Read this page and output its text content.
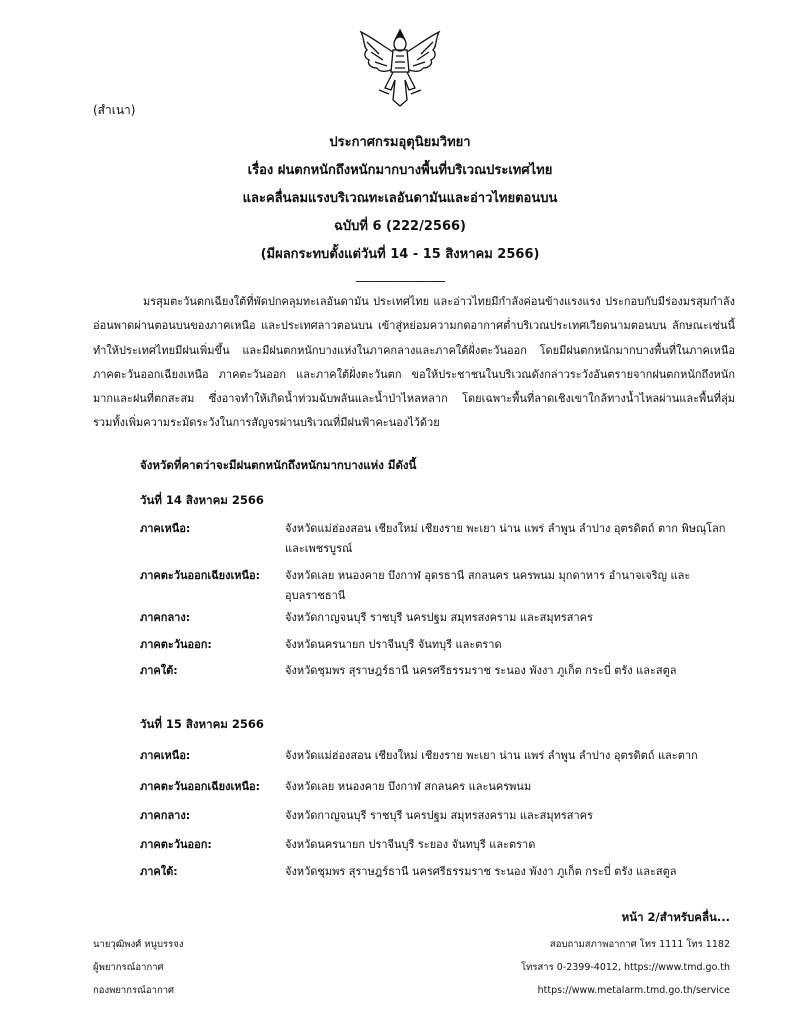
(สำเนา)
ประกาศกรมอุตุนิยมวิทยา
เรื่อง ฝนตกหนักถึงหนักมากบางพื้นที่บริเวณประเทศไทย
และคลื่นลมแรงบริเวณทะเลอันดามันและอ่าวไทยตอนบน
ฉบับที่ 6 (222/2566)
(มีผลกระทบตั้งแต่วันที่ 14 - 15 สิงหาคม 2566)
________________
มรสุมตะวันตกเฉียงใต้ที่พัดปกคลุมทะเลอันดามัน ประเทศไทย และอ่าวไทยมีกำลังค่อนข้างแรงแรง ประกอบกับมีร่องมรสุมกำลังอ่อนพาดผ่านตอนบนของภาคเหนือ และประเทศลาวตอนบน เข้าสู่หย่อมความกดอากาศต่ำบริเวณประเทศเวียดนามตอนบน ลักษณะเช่นนี้ทำให้ประเทศไทยมีฝนเพิ่มขึ้น และมีฝนตกหนักบางแห่งในภาคกลางและภาคใต้ฝั่งตะวันออก โดยมีฝนตกหนักมากบางพื้นที่ในภาคเหนือ ภาคตะวันออกเฉียงเหนือ ภาคตะวันออก และภาคใต้ฝั่งตะวันตก ขอให้ประชาชนในบริเวณดังกล่าวระวังอันตรายจากฝนตกหนักถึงหนักมากและฝนที่ตกสะสม ซึ่งอาจทำให้เกิดน้ำท่วมฉับพลันและน้ำป่าไหลหลาก โดยเฉพาะพื้นที่ลาดเชิงเขาใกล้ทางน้ำไหลผ่านและพื้นที่ลุ่ม รวมทั้งเพิ่มความระมัดระวังในการสัญจรผ่านบริเวณที่มีฝนฟ้าคะนองไว้ด้วย
จังหวัดที่คาดว่าจะมีฝนตกหนักถึงหนักมากบางแห่ง มีดังนี้
วันที่ 14 สิงหาคม 2566
ภาคเหนือ:	จังหวัดแม่ฮ่องสอน เชียงใหม่ เชียงราย พะเยา น่าน แพร่ ลำพูน ลำปาง อุตรดิตถ์ ตาก พิษณุโลก และเพชรบูรณ์
ภาคตะวันออกเฉียงเหนือ:	จังหวัดเลย หนองคาย บึงกาฬ อุดรธานี สกลนคร นครพนม มุกดาหาร อำนาจเจริญ และอุบลราชธานี
ภาคกลาง:	จังหวัดกาญจนบุรี ราชบุรี นครปฐม สมุทรสงคราม และสมุทรสาคร
ภาคตะวันออก:	จังหวัดนครนายก ปราจีนบุรี จันทบุรี และตราด
ภาคใต้:	จังหวัดชุมพร สุราษฎร์ธานี นครศรีธรรมราช ระนอง พังงา ภูเก็ต กระบี่ ตรัง และสตูล
วันที่ 15 สิงหาคม 2566
ภาคเหนือ:	จังหวัดแม่ฮ่องสอน เชียงใหม่ เชียงราย พะเยา น่าน แพร่ ลำพูน ลำปาง อุตรดิตถ์ และตาก
ภาคตะวันออกเฉียงเหนือ:	จังหวัดเลย หนองคาย บึงกาฬ สกลนคร และนครพนม
ภาคกลาง:	จังหวัดกาญจนบุรี ราชบุรี นครปฐม สมุทรสงคราม และสมุทรสาคร
ภาคตะวันออก:	จังหวัดนครนายก ปราจีนบุรี ระยอง จันทบุรี และตราด
ภาคใต้:	จังหวัดชุมพร สุราษฎร์ธานี นครศรีธรรมราช ระนอง พังงา ภูเก็ต กระบี่ ตรัง และสตูล
หน้า 2/สำหรับคลื่น...
นายวุฒิพงศ์ หนูบรรจง
ผู้พยากรณ์อากาศ
กองพยากรณ์อากาศ
สอบถามสภาพอากาศ โทร 1111 โทร 1182
โทรสาร 0-2399-4012, https://www.tmd.go.th
https://www.metalarm.tmd.go.th/service
